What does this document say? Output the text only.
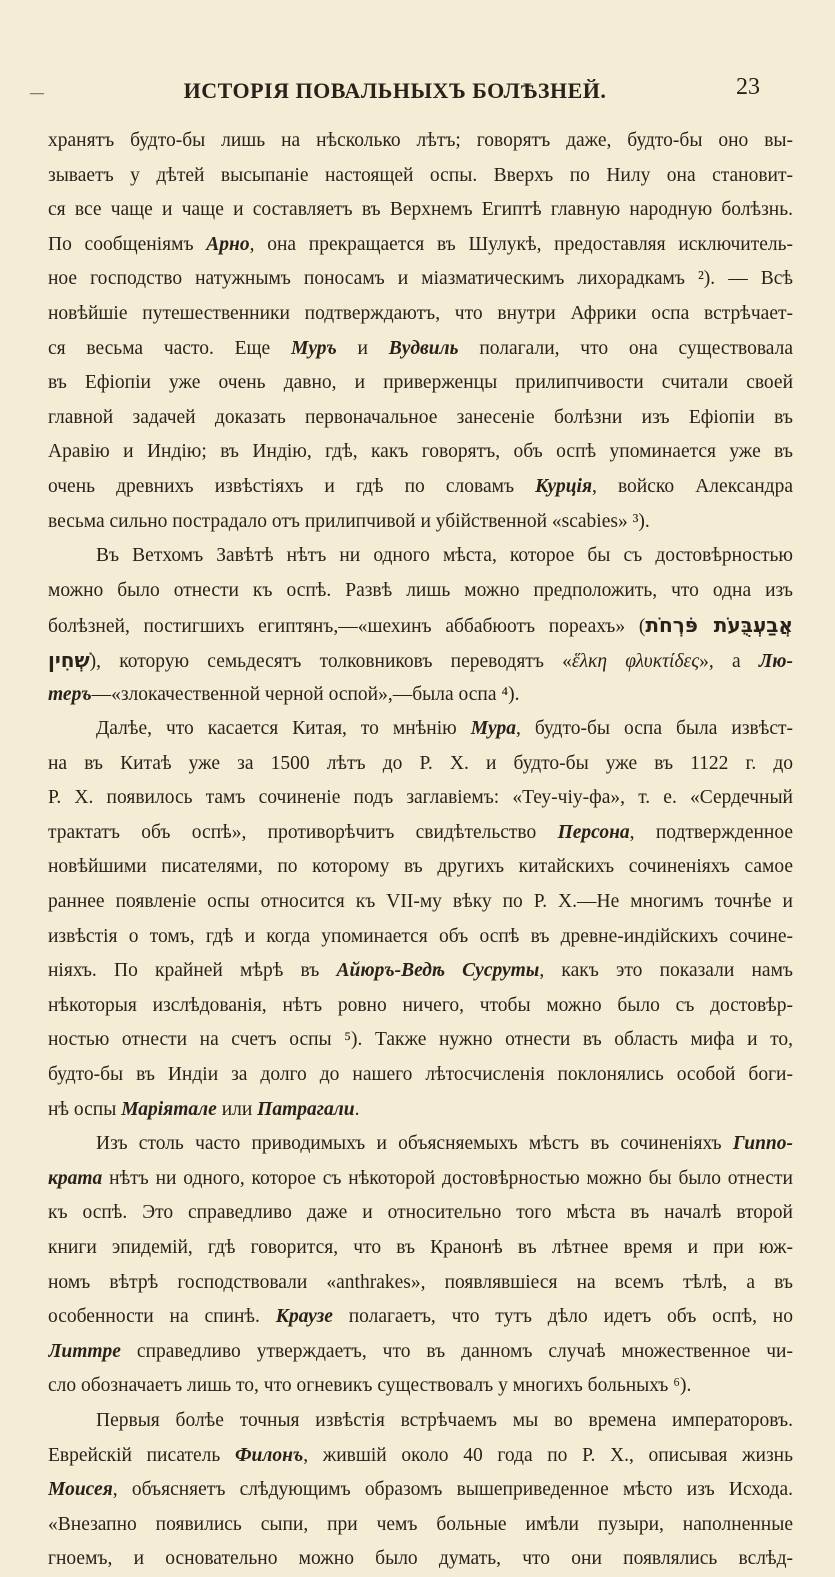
—	ИСТОРІЯ ПОВАЛЬНЫХЪ БОЛѢЗНЕЙ.	23
хранятъ будто-бы лишь на нѣсколько лѣтъ; говорятъ даже, будто-бы оно вы-
зываетъ у дѣтей высыпаніе настоящей оспы. Вверхъ по Нилу она становит-
ся все чаще и чаще и составляетъ въ Верхнемъ Египтѣ главную народную болѣзнь.
По сообщеніямъ Арно, она прекращается въ Шулукѣ, предоставляя исключитель-
ное господство натужнымъ поносамъ и міазматическимъ лихорадкамъ ²). — Всѣ
новѣйшіе путешественники подтверждаютъ, что внутри Африки оспа встрѣчает-
ся весьма часто. Еще Муръ и Вудвиль полагали, что она существовала
въ Ефіопіи уже очень давно, и приверженцы прилипчивости считали своей
главной задачей доказать первоначальное занесеніе болѣзни изъ Ефіопіи въ
Аравію и Индію; въ Индію, гдѣ, какъ говорятъ, объ оспѣ упоминается уже въ
очень древнихъ извѣстіяхъ и гдѣ по словамъ Курція, войско Александра
весьма сильно пострадало отъ прилипчивой и убійственной «scabies» ³).
Въ Ветхомъ Завѣтѣ нѣтъ ни одного мѣста, которое бы съ достовѣрностью
можно было отнести къ оспѣ. Развѣ лишь можно предположить, что одна изъ
болѣзней, постигшихъ египтянъ,—«шехинъ аббабюотъ пореахъ» (אֲבַעְבֻּעֹת פֹּרְחֹת
שְׁחִין), которую семьдесятъ толковниковъ переводятъ «ἕλκη φλυκτίδες», а Лю-
теръ—«злокачественной черной оспой»,—была оспа ⁴).
Далѣе, что касается Китая, то мнѣнію Мура, будто-бы оспа была извѣст-
на въ Китаѣ уже за 1500 лѣтъ до Р. Х. и будто-бы уже въ 1122 г. до
Р. Х. появилось тамъ сочиненіе подъ заглавіемъ: «Теу-чіу-фа», т. е. «Сердечный
трактатъ объ оспѣ», противорѣчитъ свидѣтельство Персона, подтвержденное
новѣйшими писателями, по которому въ другихъ китайскихъ сочиненіяхъ самое
раннее появленіе оспы относится къ VII-му вѣку по Р. Х.—Не многимъ точнѣе и
извѣстія о томъ, гдѣ и когда упоминается объ оспѣ въ древне-индійскихъ сочине-
ніяхъ. По крайней мѣрѣ въ Айюръ-Ведѣ Сусруты, какъ это показали намъ
нѣкоторыя изслѣдованія, нѣтъ ровно ничего, чтобы можно было съ достовѣр-
ностью отнести на счетъ оспы ⁵). Также нужно отнести въ область мифа и то,
будто-бы въ Индіи за долго до нашего лѣтосчисленія поклонялись особой боги-
нѣ оспы Маріятале или Патрагали.
Изъ столь часто приводимыхъ и объясняемыхъ мѣстъ въ сочиненіяхъ Гиппо-
крата нѣтъ ни одного, которое съ нѣкоторой достовѣрностью можно бы было отнести
къ оспѣ. Это справедливо даже и относительно того мѣста въ началѣ второй
книги эпидемій, гдѣ говорится, что въ Кранонѣ въ лѣтнее время и при юж-
номъ вѣтрѣ господствовали «anthrakes», появлявшіеся на всемъ тѣлѣ, а въ
особенности на спинѣ. Краузе полагаетъ, что тутъ дѣло идетъ объ оспѣ, но
Литтре справедливо утверждаетъ, что въ данномъ случаѣ множественное чи-
сло обозначаетъ лишь то, что огневикъ существовалъ у многихъ больныхъ ⁶).
Первыя болѣе точныя извѣстія встрѣчаемъ мы во времена императоровъ.
Еврейскій писатель Филонъ, жившій около 40 года по Р. Х., описывая жизнь
Моисея, объясняетъ слѣдующимъ образомъ вышеприведенное мѣсто изъ Исхода.
«Внезапно появились сыпи, при чемъ больные имѣли пузыри, наполненные
гноемъ, и основательно можно было думать, что они появлялись вслѣд-
